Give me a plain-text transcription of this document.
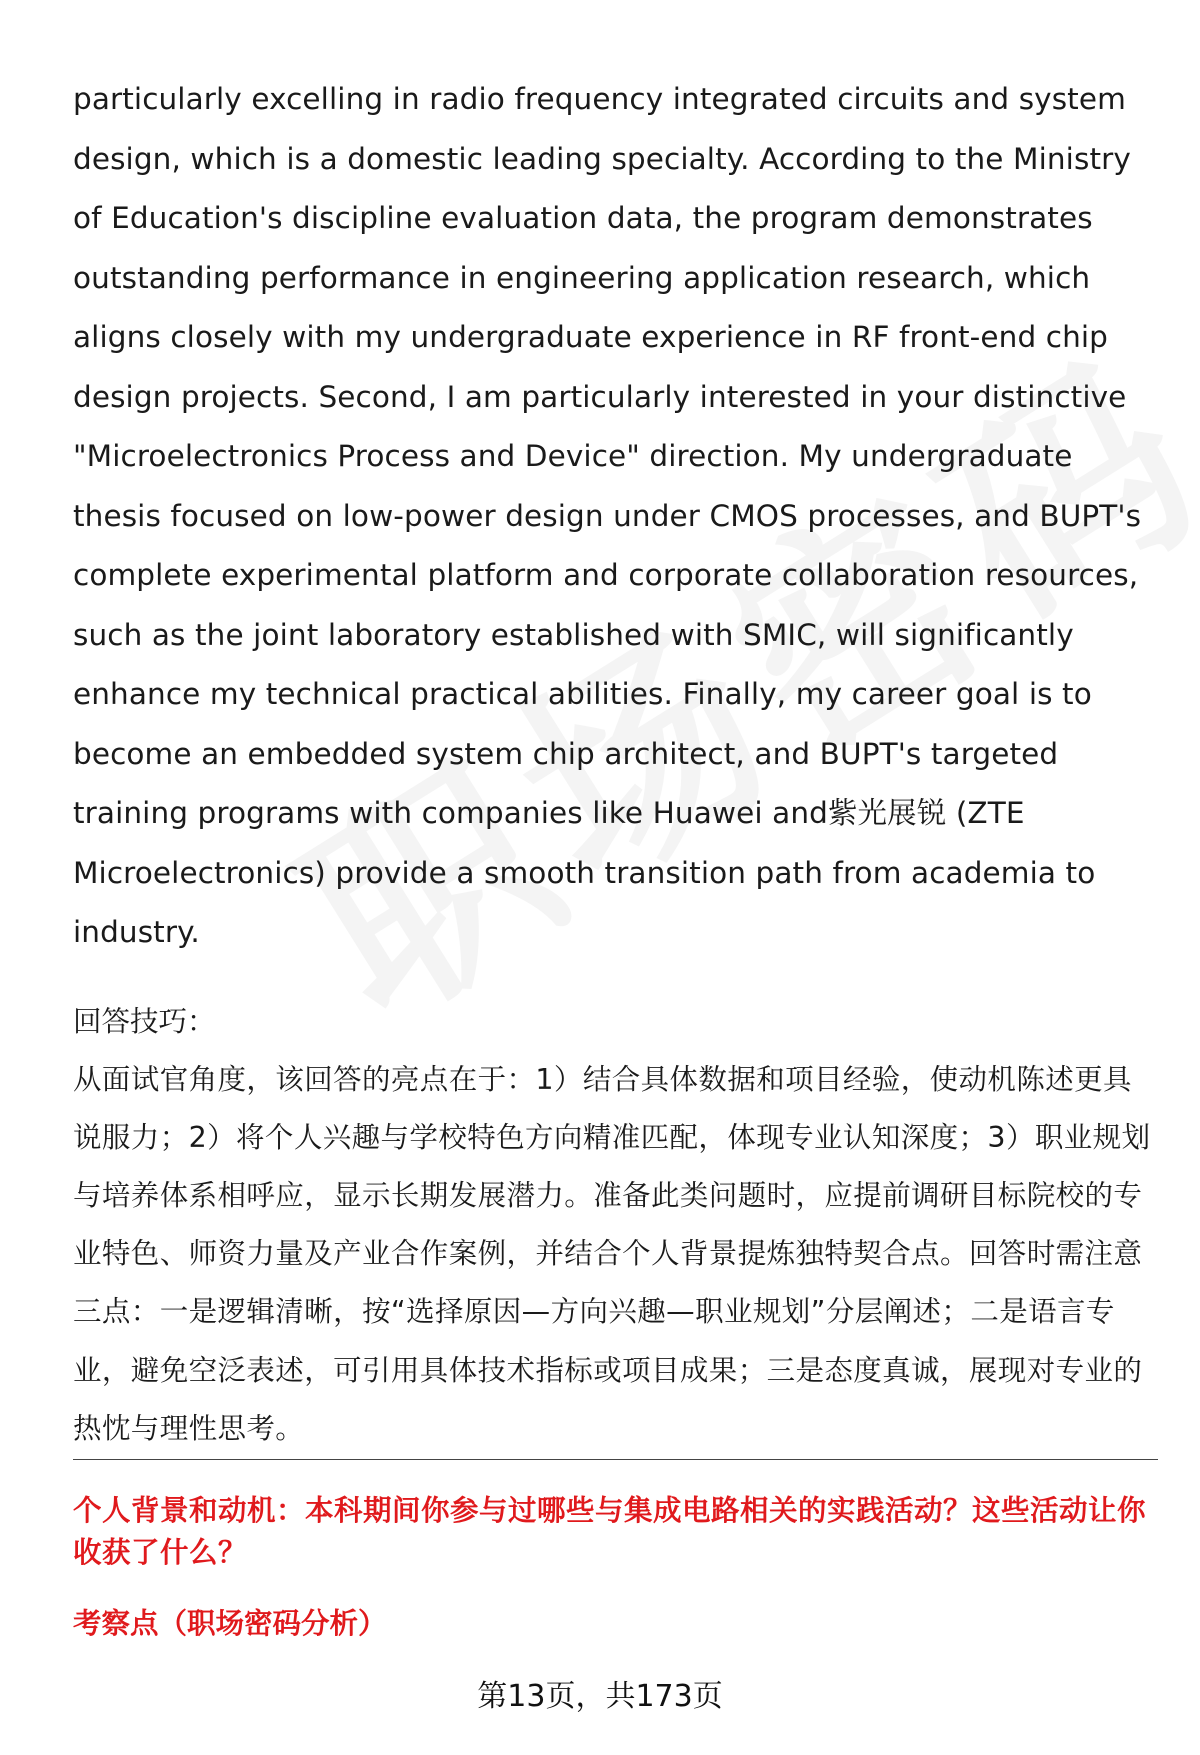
particularly excelling in radio frequency integrated circuits and system design, which is a domestic leading specialty. According to the Ministry of Education's discipline evaluation data, the program demonstrates outstanding performance in engineering application research, which aligns closely with my undergraduate experience in RF front-end chip design projects. Second, I am particularly interested in your distinctive "Microelectronics Process and Device" direction. My undergraduate thesis focused on low-power design under CMOS processes, and BUPT's complete experimental platform and corporate collaboration resources, such as the joint laboratory established with SMIC, will significantly enhance my technical practical abilities. Finally, my career goal is to become an embedded system chip architect, and BUPT's targeted training programs with companies like Huawei and紫光展锐 (ZTE Microelectronics) provide a smooth transition path from academia to industry.

回答技巧：

从面试官角度，该回答的亮点在于：1）结合具体数据和项目经验，使动机陈述更具说服力；2）将个人兴趣与学校特色方向精准匹配，体现专业认知深度；3）职业规划与培养体系相呼应，显示长期发展潜力。准备此类问题时，应提前调研目标院校的专业特色、师资力量及产业合作案例，并结合个人背景提炼独特契合点。回答时需注意三点：一是逻辑清晰，按“选择原因—方向兴趣—职业规划”分层阐述；二是语言专业，避免空泛表述，可引用具体技术指标或项目成果；三是态度真诚，展现对专业的热忱与理性思考。

个人背景和动机：本科期间你参与过哪些与集成电路相关的实践活动？这些活动让你收获了什么？

考察点（职场密码分析）

第13页，共173页
